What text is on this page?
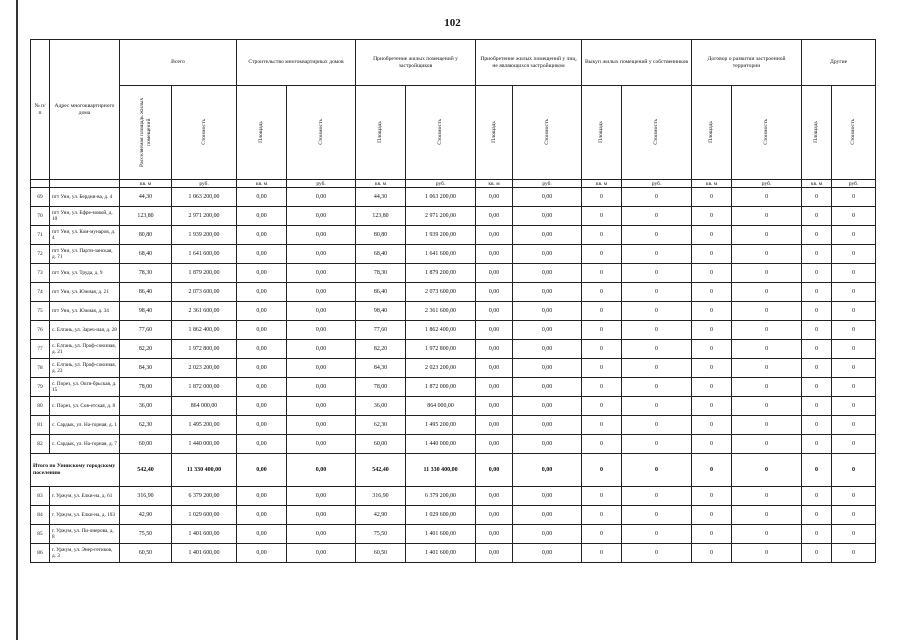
102
№ п/п	Адрес многоквартирного дома	Всего		Строительство многоквартирных домов		Приобретение жилых помещений у застройщиков		Приобретение жилых помещений у лиц, не являющихся застройщиком		Выкуп жилых помещений у собственников		Договор о развитии застроенной территории		Другие	
		Расселяемая площадь жилых помещений	Стоимость	Площадь	Стоимость	Площадь	Стоимость	Площадь	Стоимость	Площадь	Стоимость	Площадь	Стоимость	Площадь	Стоимость
		кв. м	руб.	кв. м	руб.	кв. м	руб.	кв. м	руб.	кв. м	руб.	кв. м	руб.	кв. м	руб.
69	пгт Уни, ул. Бердни-ва, д. 4	44,30	1 063 200,00	0,00	0,00	44,30	1 063 200,00	0,00	0,00	0	0	0	0	0	0
70	пгт Уни, ул. Ефре-мовой, д. 10	123,80	2 971 200,00	0,00	0,00	123,80	2 971 200,00	0,00	0,00	0	0	0	0	0	0
71	пгт Уни, ул. Ком-мунаров, д. 4	80,80	1 939 200,00	0,00	0,00	80,80	1 939 200,00	0,00	0,00	0	0	0	0	0	0
72	пгт Уни, ул. Парти-занская, д. 71	68,40	1 641 600,00	0,00	0,00	68,40	1 641 600,00	0,00	0,00	0	0	0	0	0	0
73	пгт Уни, ул. Труда, д. 9	78,30	1 879 200,00	0,00	0,00	78,30	1 879 200,00	0,00	0,00	0	0	0	0	0	0
74	пгт Уни, ул. Южная, д. 21	86,40	2 073 600,00	0,00	0,00	86,40	2 073 600,00	0,00	0,00	0	0	0	0	0	0
75	пгт Уни, ул. Южная, д. 34	98,40	2 361 600,00	0,00	0,00	98,40	2 361 600,00	0,00	0,00	0	0	0	0	0	0
76	с. Елгань, ул. Зареч-ная, д. 28	77,60	1 862 400,00	0,00	0,00	77,60	1 862 400,00	0,00	0,00	0	0	0	0	0	0
77	с. Елгань, ул. Проф-союзная, д. 21	82,20	1 972 800,00	0,00	0,00	82,20	1 972 800,00	0,00	0,00	0	0	0	0	0	0
78	с. Елгань, ул. Проф-союзная, д. 23	84,30	2 023 200,00	0,00	0,00	84,30	2 023 200,00	0,00	0,00	0	0	0	0	0	0
79	с. Порез, ул. Октя-брьская, д. 15	78,00	1 872 000,00	0,00	0,00	78,00	1 872 000,00	0,00	0,00	0	0	0	0	0	0
80	с. Порез, ул. Сов-етская, д. 8	36,00	864 000,00	0,00	0,00	36,00	864 000,00	0,00	0,00	0	0	0	0	0	0
81	с. Сардык, ул. На-горная, д. 1	62,30	1 495 200,00	0,00	0,00	62,30	1 495 200,00	0,00	0,00	0	0	0	0	0	0
82	с. Сардык, ул. На-горная, д. 7	60,00	1 440 000,00	0,00	0,00	60,00	1 440 000,00	0,00	0,00	0	0	0	0	0	0
Итого по Унинскому городскому поселению		542,40	11 330 400,00	0,00	0,00	542,40	11 330 400,00	0,00	0,00	0	0	0	0	0	0
83	г. Уржум, ул. Елки-на, д. 61	316,90	6 379 200,00	0,00	0,00	316,90	6 379 200,00	0,00	0,00	0	0	0	0	0	0
84	г. Уржум, ул. Елки-на, д. 103	42,90	1 029 600,00	0,00	0,00	42,90	1 029 600,00	0,00	0,00	0	0	0	0	0	0
85	г. Уржум, ул. Пи-онерова, д. 8	75,50	1 401 600,00	0,00	0,00	75,50	1 401 600,00	0,00	0,00	0	0	0	0	0	0
86	г. Уржум, ул. Энер-гетиков, д. 3	60,50	1 401 600,00	0,00	0,00	60,50	1 401 600,00	0,00	0,00	0	0	0	0	0	0
